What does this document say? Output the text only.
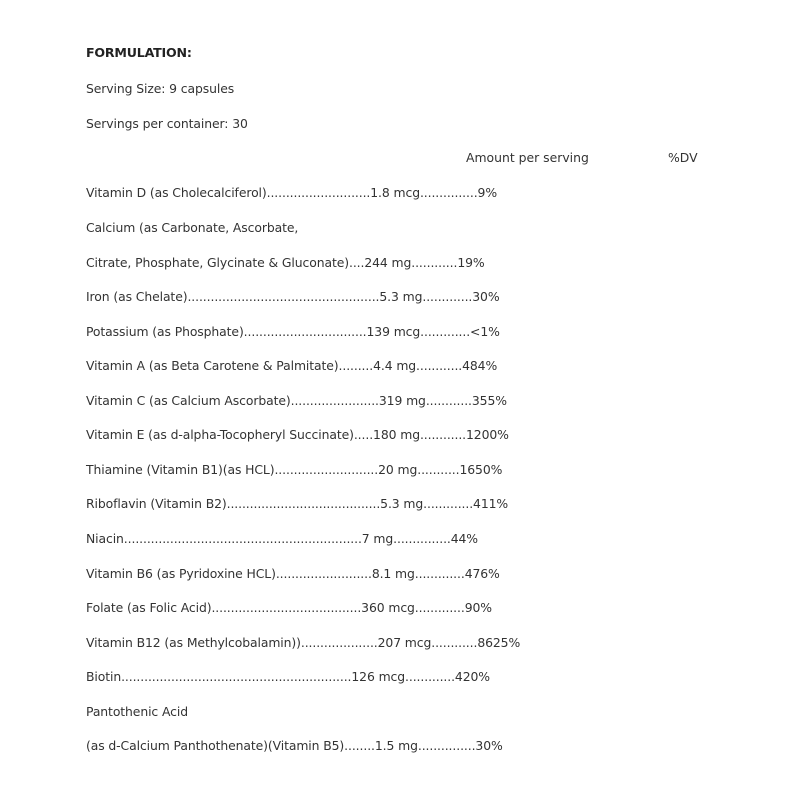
FORMULATION:
Serving Size: 9 capsules
Servings per container: 30
Amount per serving	%DV
Vitamin D (as Cholecalciferol)...........................1.8 mcg...............9%
Calcium (as Carbonate, Ascorbate,
Citrate, Phosphate, Glycinate & Gluconate)....244 mg............19%
Iron (as Chelate)..................................................5.3 mg.............30%
Potassium (as Phosphate)................................139 mcg.............<1%
Vitamin A (as Beta Carotene & Palmitate).........4.4 mg............484%
Vitamin C (as Calcium Ascorbate).......................319 mg............355%
Vitamin E (as d-alpha-Tocopheryl Succinate).....180 mg............1200%
Thiamine (Vitamin B1)(as HCL)...........................20 mg...........1650%
Riboflavin (Vitamin B2)........................................5.3 mg.............411%
Niacin..............................................................7 mg...............44%
Vitamin B6 (as Pyridoxine HCL).........................8.1 mg.............476%
Folate (as Folic Acid).......................................360 mcg.............90%
Vitamin B12 (as Methylcobalamin))....................207 mcg............8625%
Biotin............................................................126 mcg.............420%
Pantothenic Acid
(as d-Calcium Panthothenate)(Vitamin B5)........1.5 mg...............30%
